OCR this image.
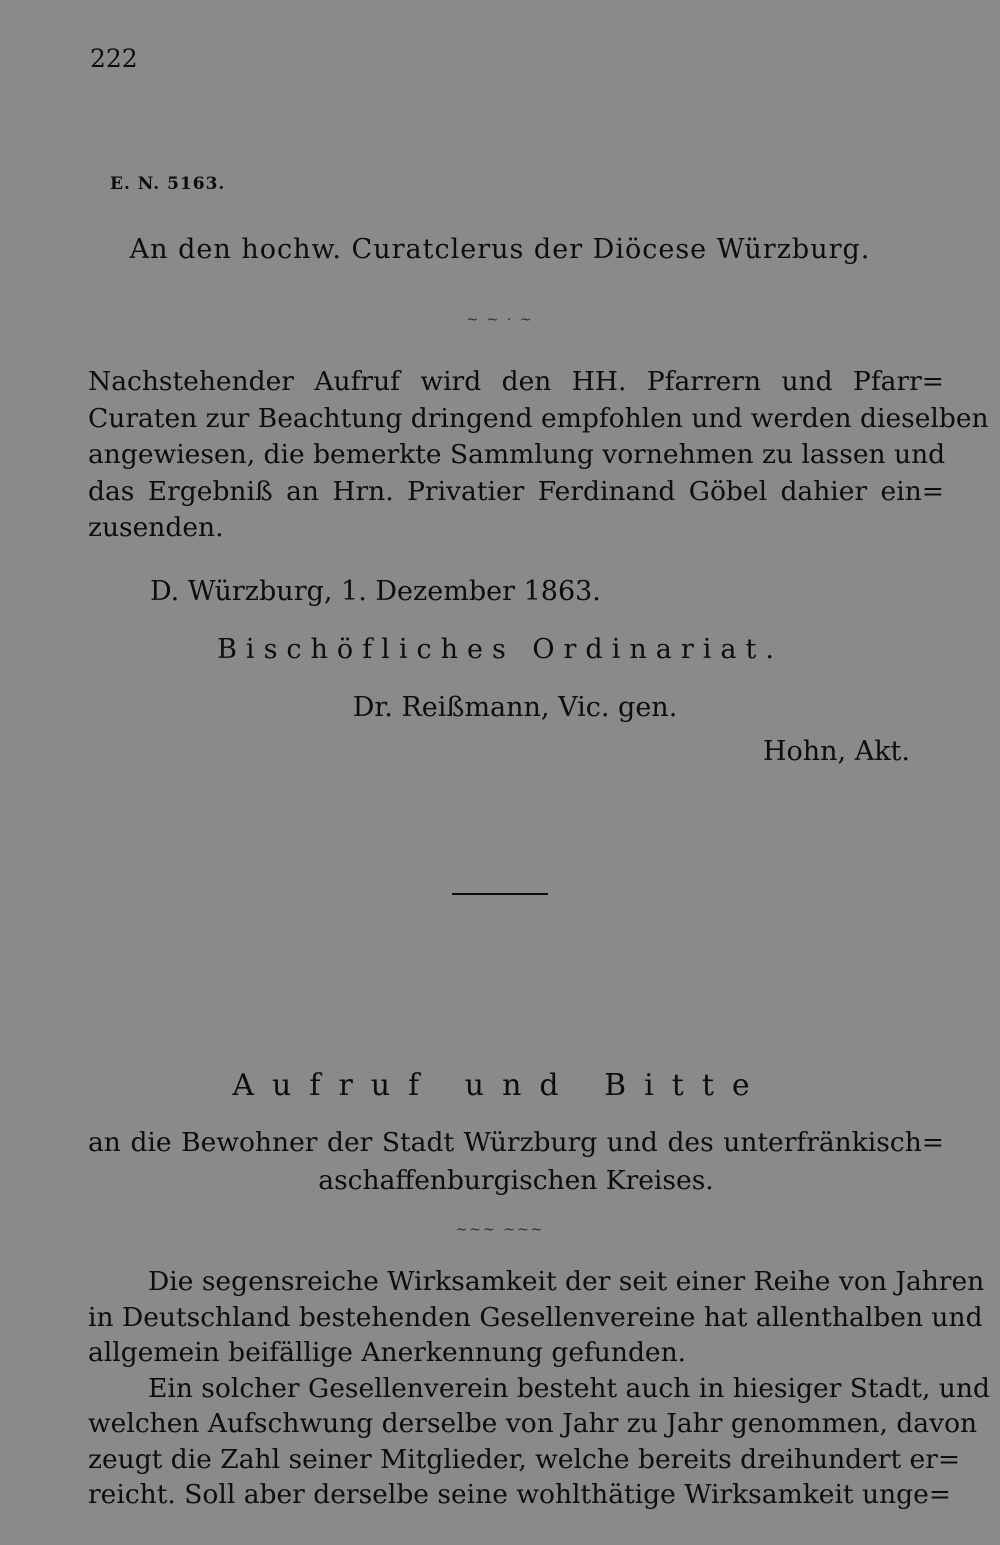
222
E. N. 5163.
An den hochw. Curatclerus der Diöcese Würzburg.
~ ~ · ~
Nachstehender Aufruf wird den HH. Pfarrern und Pfarr=
Curaten zur Beachtung dringend empfohlen und werden dieselben
angewiesen, die bemerkte Sammlung vornehmen zu lassen und
das Ergebniß an Hrn. Privatier Ferdinand Göbel dahier ein=
zusenden.
D. Würzburg, 1. Dezember 1863.
Bischöfliches Ordinariat.
Dr. Reißmann, Vic. gen.
Hohn, Akt.
Aufruf und Bitte
an die Bewohner der Stadt Würzburg und des unterfränkisch=
aschaffenburgischen Kreises.
~~~ ~~~
Die segensreiche Wirksamkeit der seit einer Reihe von Jahren
in Deutschland bestehenden Gesellenvereine hat allenthalben und
allgemein beifällige Anerkennung gefunden.
Ein solcher Gesellenverein besteht auch in hiesiger Stadt, und
welchen Aufschwung derselbe von Jahr zu Jahr genommen, davon
zeugt die Zahl seiner Mitglieder, welche bereits dreihundert er=
reicht. Soll aber derselbe seine wohlthätige Wirksamkeit unge=
